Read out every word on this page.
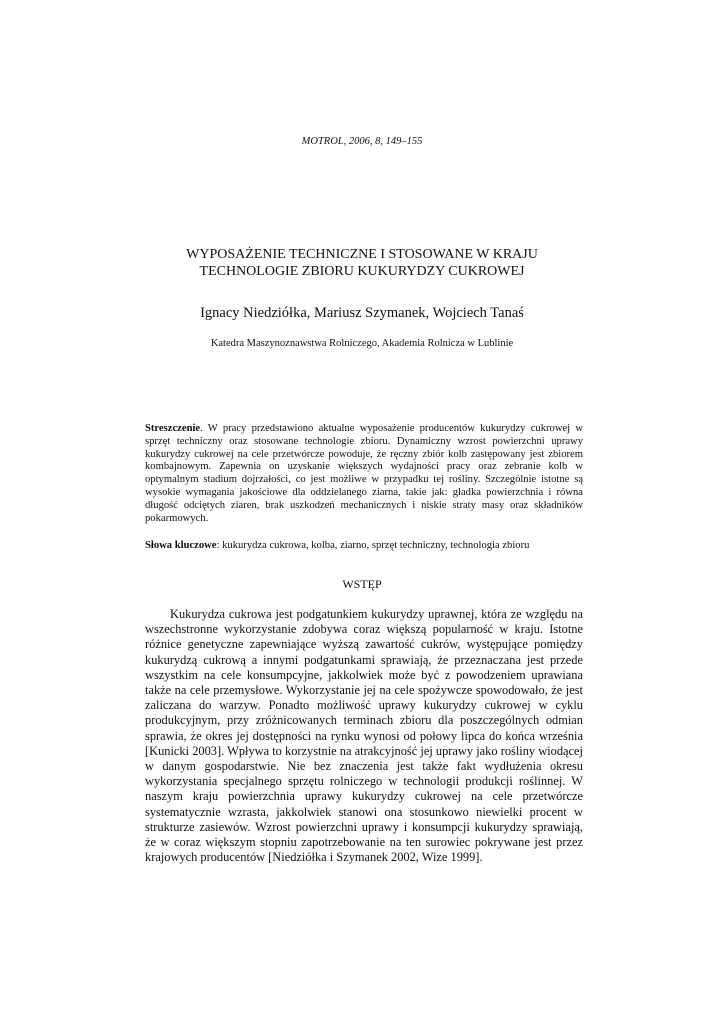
MOTROL, 2006, 8, 149–155
WYPOSAŻENIE TECHNICZNE I STOSOWANE W KRAJU TECHNOLOGIE ZBIORU KUKURYDZY CUKROWEJ
Ignacy Niedziółka, Mariusz Szymanek, Wojciech Tanaś
Katedra Maszynoznawstwa Rolniczego, Akademia Rolnicza w Lublinie
Streszczenie. W pracy przedstawiono aktualne wyposażenie producentów kukurydzy cukrowej w sprzęt techniczny oraz stosowane technologie zbioru. Dynamiczny wzrost powierzchni uprawy kukurydzy cukrowej na cele przetwórcze powoduje, że ręczny zbiór kolb zastępowany jest zbiorem kombajnowym. Zapewnia on uzyskanie większych wydajności pracy oraz zebranie kolb w optymalnym stadium dojrzałości, co jest możliwe w przypadku tej rośliny. Szczególnie istotne są wysokie wymagania jakościowe dla oddzielanego ziarna, takie jak: gładka powierzchnia i równa długość odciętych ziaren, brak uszkodzeń mechanicznych i niskie straty masy oraz składników pokarmowych.
Słowa kluczowe: kukurydza cukrowa, kolba, ziarno, sprzęt techniczny, technologia zbioru
WSTĘP

Kukurydza cukrowa jest podgatunkiem kukurydzy uprawnej, która ze względu na wszechstronne wykorzystanie zdobywa coraz większą popularność w kraju. Istotne różnice genetyczne zapewniające wyższą zawartość cukrów, występujące pomiędzy kukurydzą cukrową a innymi podgatunkami sprawiają, że przeznaczana jest przede wszystkim na cele konsumpcyjne, jakkolwiek może być z powodzeniem uprawiana także na cele przemysłowe. Wykorzystanie jej na cele spożywcze spowodowało, że jest zaliczana do warzyw. Ponadto możliwość uprawy kukurydzy cukrowej w cyklu produkcyjnym, przy zróżnicowanych terminach zbioru dla poszczególnych odmian sprawia, że okres jej dostępności na rynku wynosi od połowy lipca do końca września [Kunicki 2003]. Wpływa to korzystnie na atrakcyjność jej uprawy jako rośliny wiodącej w danym gospodarstwie. Nie bez znaczenia jest także fakt wydłużenia okresu wykorzystania specjalnego sprzętu rolniczego w technologii produkcji roślinnej. W naszym kraju powierzchnia uprawy kukurydzy cukrowej na cele przetwórcze systematycznie wzrasta, jakkolwiek stanowi ona stosunkowo niewielki procent w strukturze zasiewów. Wzrost powierzchni uprawy i konsumpcji kukurydzy sprawiają, że w coraz większym stopniu zapotrzebowanie na ten surowiec pokrywane jest przez krajowych producentów [Niedziółka i Szymanek 2002, Wize 1999].
